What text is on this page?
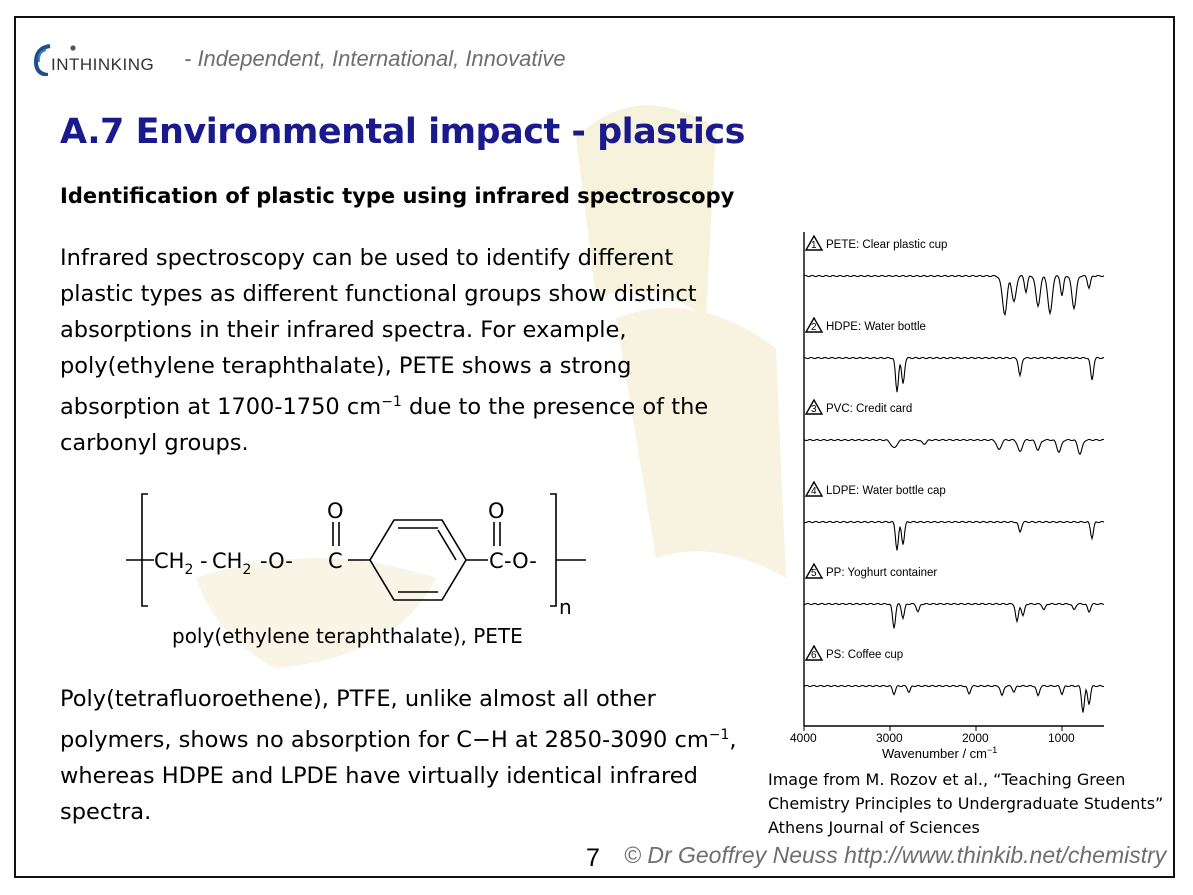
INTHINKING - Independent, International, Innovative
A.7 Environmental impact - plastics
Identification of plastic type using infrared spectroscopy

Infrared spectroscopy can be used to identify different plastic types as different functional groups show distinct absorptions in their infrared spectra. For example, poly(ethylene teraphthalate), PETE shows a strong absorption at 1700-1750 $cm^{-1}$ due to the presence of the carbonyl groups.

$CH_2 - CH_2$ -O- C
O
C
O
-O-
n
poly(ethylene teraphthalate), PETE

Poly(tetrafluoroethene), PTFE, unlike almost all other polymers, shows no absorption for C−H at 2850-3090 $cm^{-1}$, whereas HDPE and LPDE have virtually identical infrared spectra.

1 PETE: Clear plastic cup
2 HDPE: Water bottle
3 PVC: Credit card
4 LDPE: Water bottle cap
5 PP: Yoghurt container
6 PS: Coffee cup
4000	3000	2000	1000
Wavenumber / $cm^{-1}$
Image from M. Rozov et al., “Teaching Green
Chemistry Principles to Undergraduate Students”
Athens Journal of Sciences
7 © Dr Geoffrey Neuss http://www.thinkib.net/chemistry
